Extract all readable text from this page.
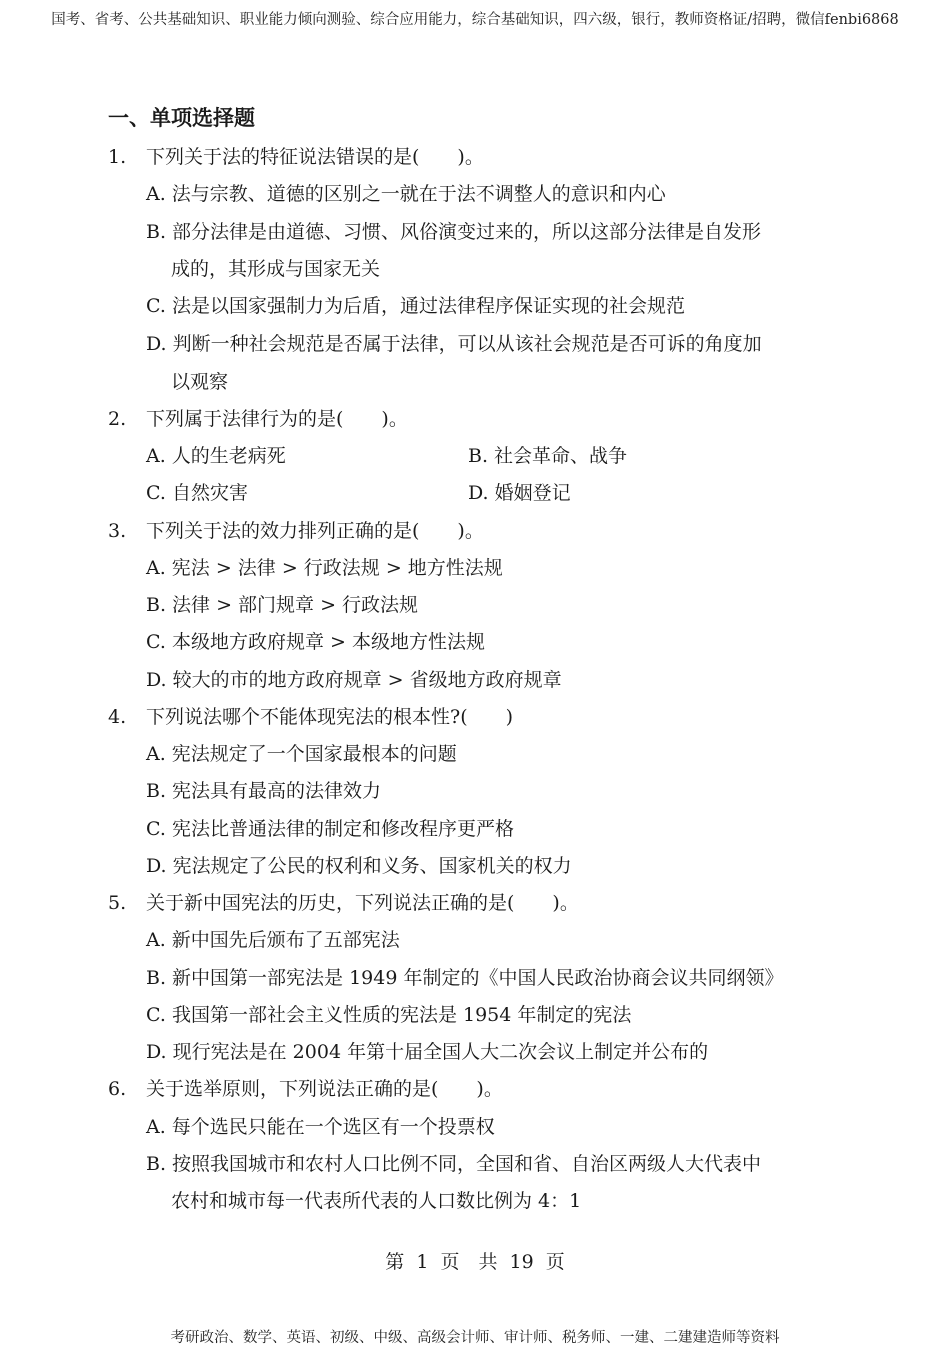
国考、省考、公共基础知识、职业能力倾向测验、综合应用能力，综合基础知识，四六级，银行，教师资格证/招聘，微信fenbi6868
一、单项选择题
1. 下列关于法的特征说法错误的是(　　)。
A. 法与宗教、道德的区别之一就在于法不调整人的意识和内心
B. 部分法律是由道德、习惯、风俗演变过来的，所以这部分法律是自发形
成的，其形成与国家无关
C. 法是以国家强制力为后盾，通过法律程序保证实现的社会规范
D. 判断一种社会规范是否属于法律，可以从该社会规范是否可诉的角度加
以观察
2. 下列属于法律行为的是(　　)。
A. 人的生老病死	B. 社会革命、战争
C. 自然灾害	D. 婚姻登记
3. 下列关于法的效力排列正确的是(　　)。
A. 宪法 > 法律 > 行政法规 > 地方性法规
B. 法律 > 部门规章 > 行政法规
C. 本级地方政府规章 > 本级地方性法规
D. 较大的市的地方政府规章 > 省级地方政府规章
4. 下列说法哪个不能体现宪法的根本性?(　　)
A. 宪法规定了一个国家最根本的问题
B. 宪法具有最高的法律效力
C. 宪法比普通法律的制定和修改程序更严格
D. 宪法规定了公民的权利和义务、国家机关的权力
5. 关于新中国宪法的历史，下列说法正确的是(　　)。
A. 新中国先后颁布了五部宪法
B. 新中国第一部宪法是 1949 年制定的《中国人民政治协商会议共同纲领》
C. 我国第一部社会主义性质的宪法是 1954 年制定的宪法
D. 现行宪法是在 2004 年第十届全国人大二次会议上制定并公布的
6. 关于选举原则，下列说法正确的是(　　)。
A. 每个选民只能在一个选区有一个投票权
B. 按照我国城市和农村人口比例不同，全国和省、自治区两级人大代表中
农村和城市每一代表所代表的人口数比例为 4：1
第 1 页　共 19 页
考研政治、数学、英语、初级、中级、高级会计师、审计师、税务师、一建、二建建造师等资料
